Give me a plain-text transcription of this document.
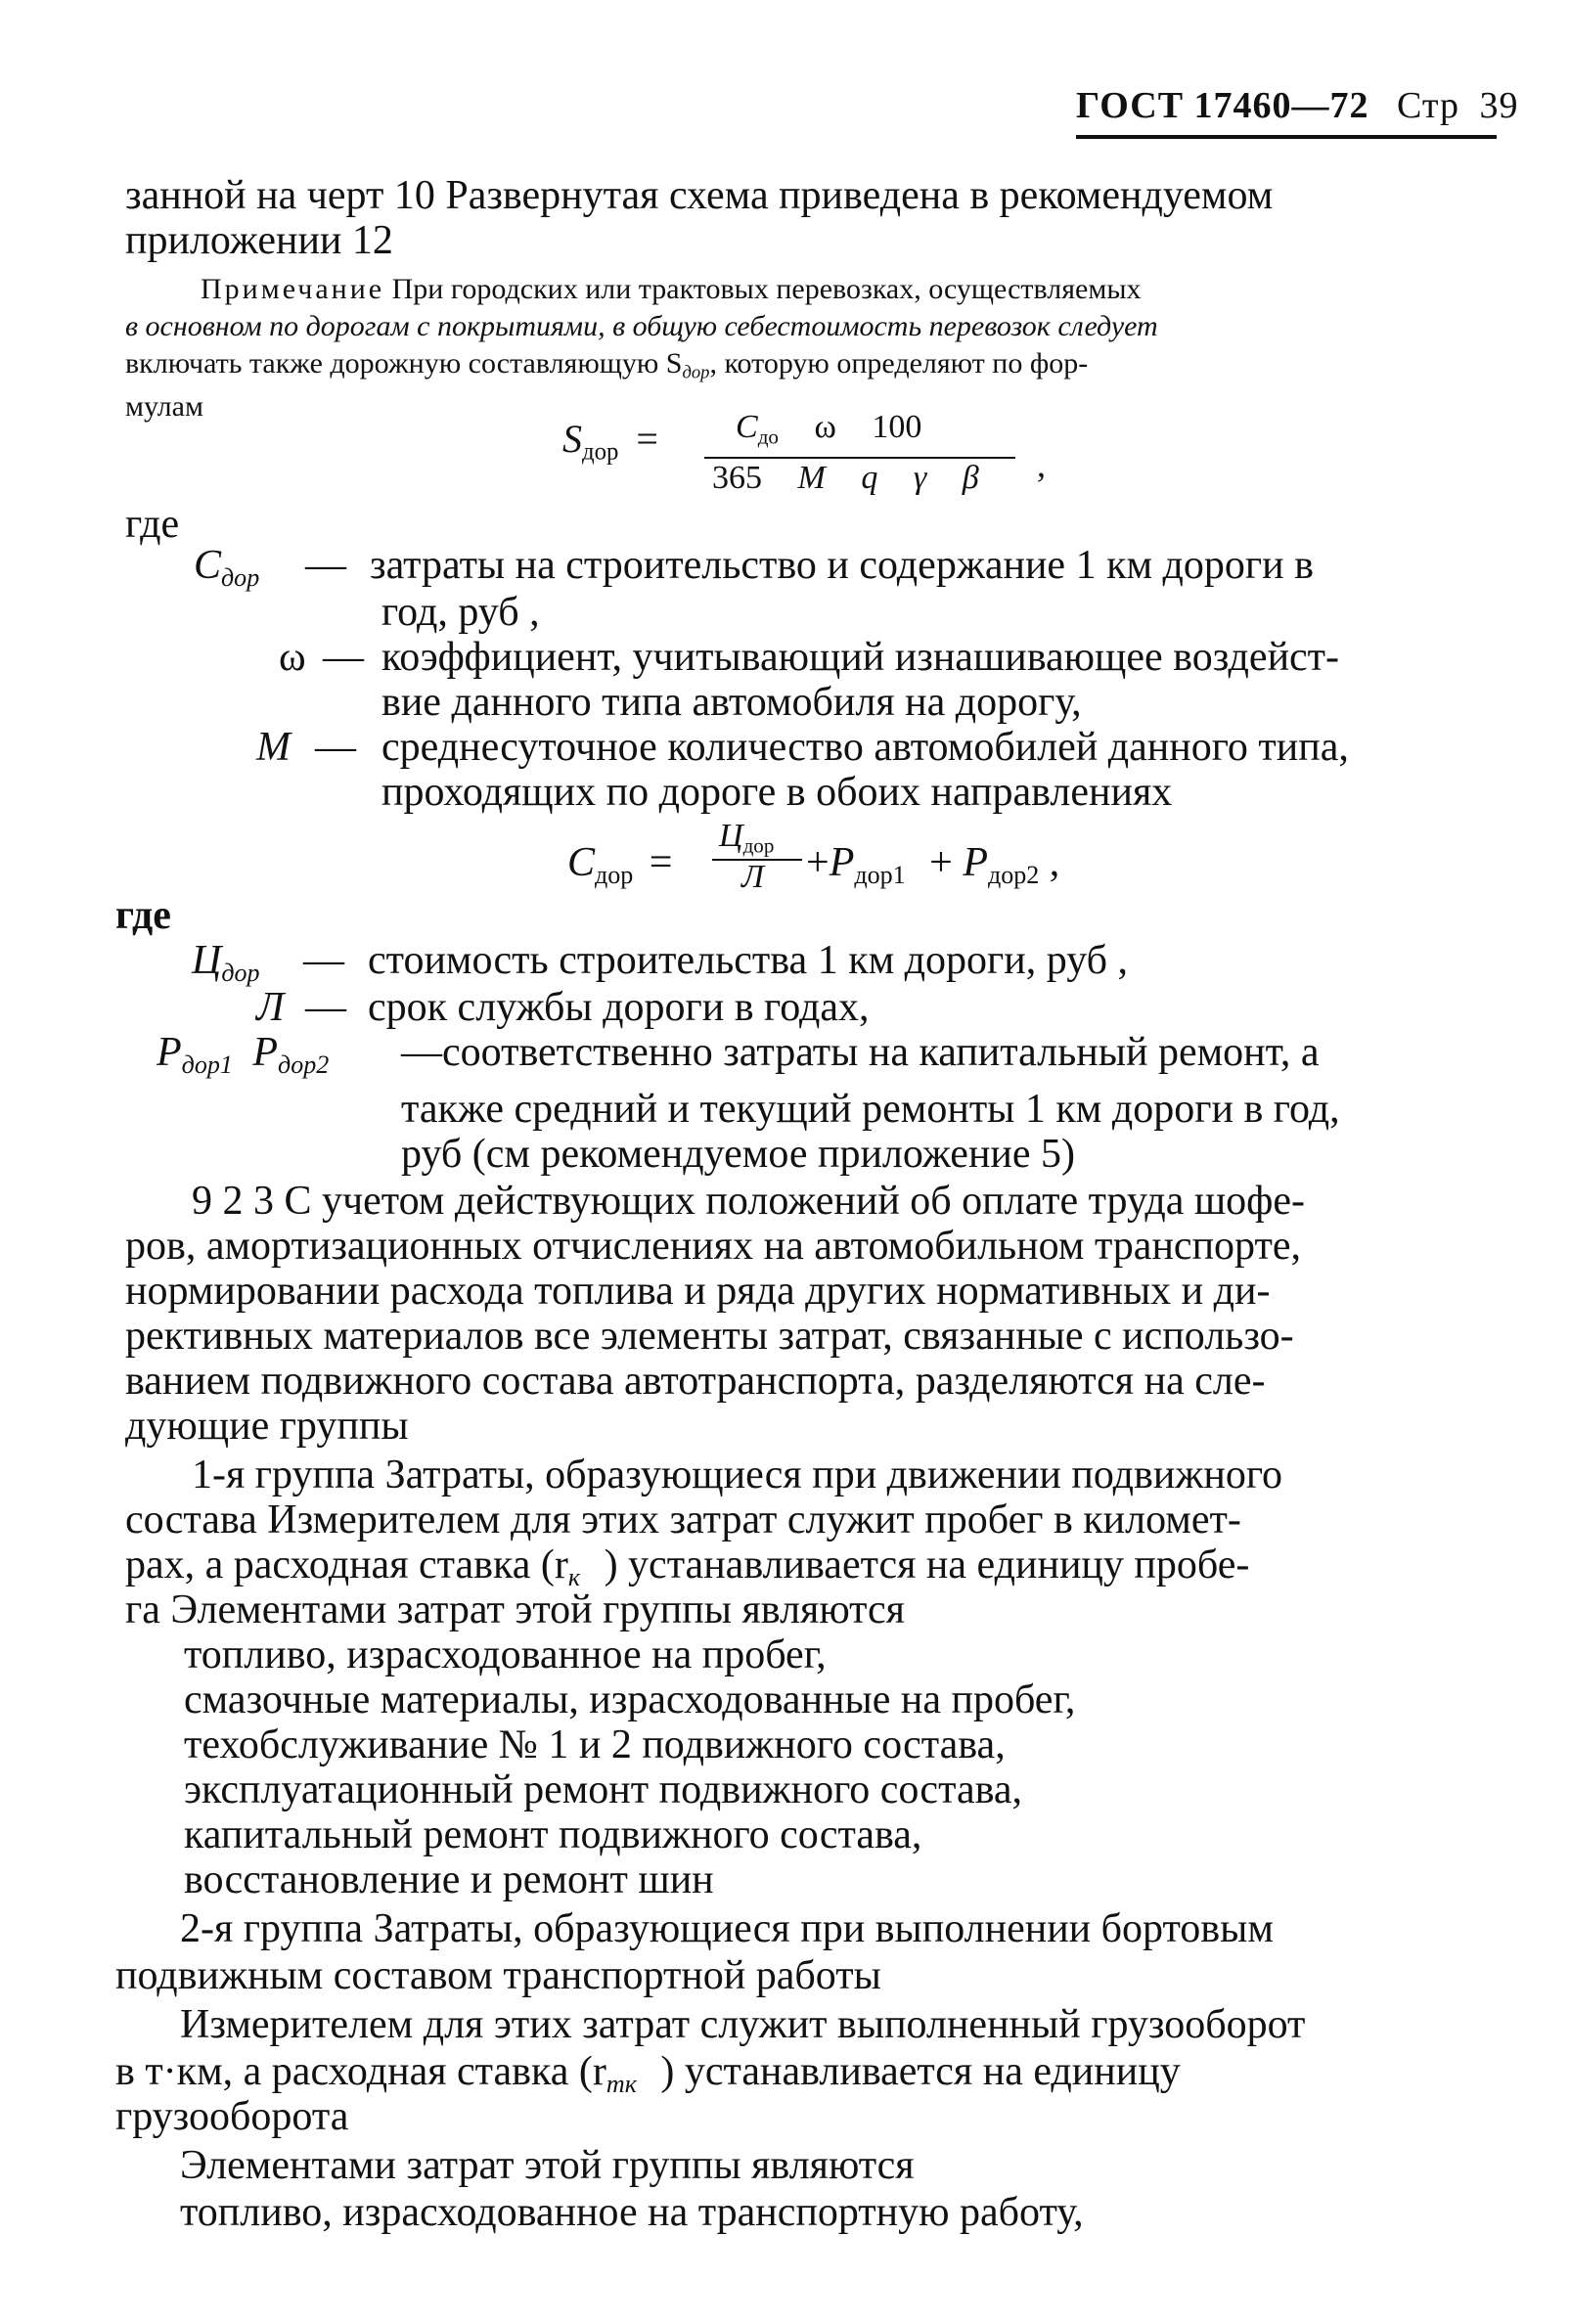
ГОСТ 17460—72 Стр 39
занной на черт 10 Развернутая схема приведена в рекомендуемом
приложении 12
Примечание При городских или трактовых перевозках, осуществляемых
в основном по дорогам с покрытиями, в общую себестоимость перевозок следует
включать также дорожную составляющую $S_{дор}$, которую определяют по фор-
мулам
$S_{дор} = C_{до}$ ω 100
365 M q γ β ,
где
$C_{дор}$ — затраты на строительство и содержание 1 км дороги в
год, руб ,
ω — коэффициент, учитывающий изнашивающее воздейст-
вие данного типа автомобиля на дорогу,
M — среднесуточное количество автомобилей данного типа,
проходящих по дороге в обоих направлениях
$C_{дор}$ =
$Ц_{дор}$
$Л +P_{дор1} + P_{дор2}$ ,
где
$Ц_{дор}$ — стоимость строительства 1 км дороги, руб ,
Л — срок службы дороги в годах,
$P_{дор1}$ $P_{дор2}$ —соответственно затраты на капитальный ремонт, а
также средний и текущий ремонты 1 км дороги в год,
руб (см рекомендуемое приложение 5)
9 2 3 С учетом действующих положений об оплате труда шофе-
ров, амортизационных отчислениях на автомобильном транспорте,
нормировании расхода топлива и ряда других нормативных и ди-
рективных материалов все элементы затрат, связанные с использо-
ванием подвижного состава автотранспорта, разделяются на сле-
дующие группы
1-я группа Затраты, образующиеся при движении подвижного
состава Измерителем для этих затрат служит пробег в километ-
рах, а расходная ставка ($r_к$ ) устанавливается на единицу пробе-
га Элементами затрат этой группы являются
топливо, израсходованное на пробег,
смазочные материалы, израсходованные на пробег,
техобслуживание № 1 и 2 подвижного состава,
эксплуатационный ремонт подвижного состава,
капитальный ремонт подвижного состава,
восстановление и ремонт шин
2-я группа Затраты, образующиеся при выполнении бортовым
подвижным составом транспортной работы
Измерителем для этих затрат служит выполненный грузооборот
в т·км, а расходная ставка ($r_{тк}$ ) устанавливается на единицу
грузооборота
Элементами затрат этой группы являются
топливо, израсходованное на транспортную работу,
